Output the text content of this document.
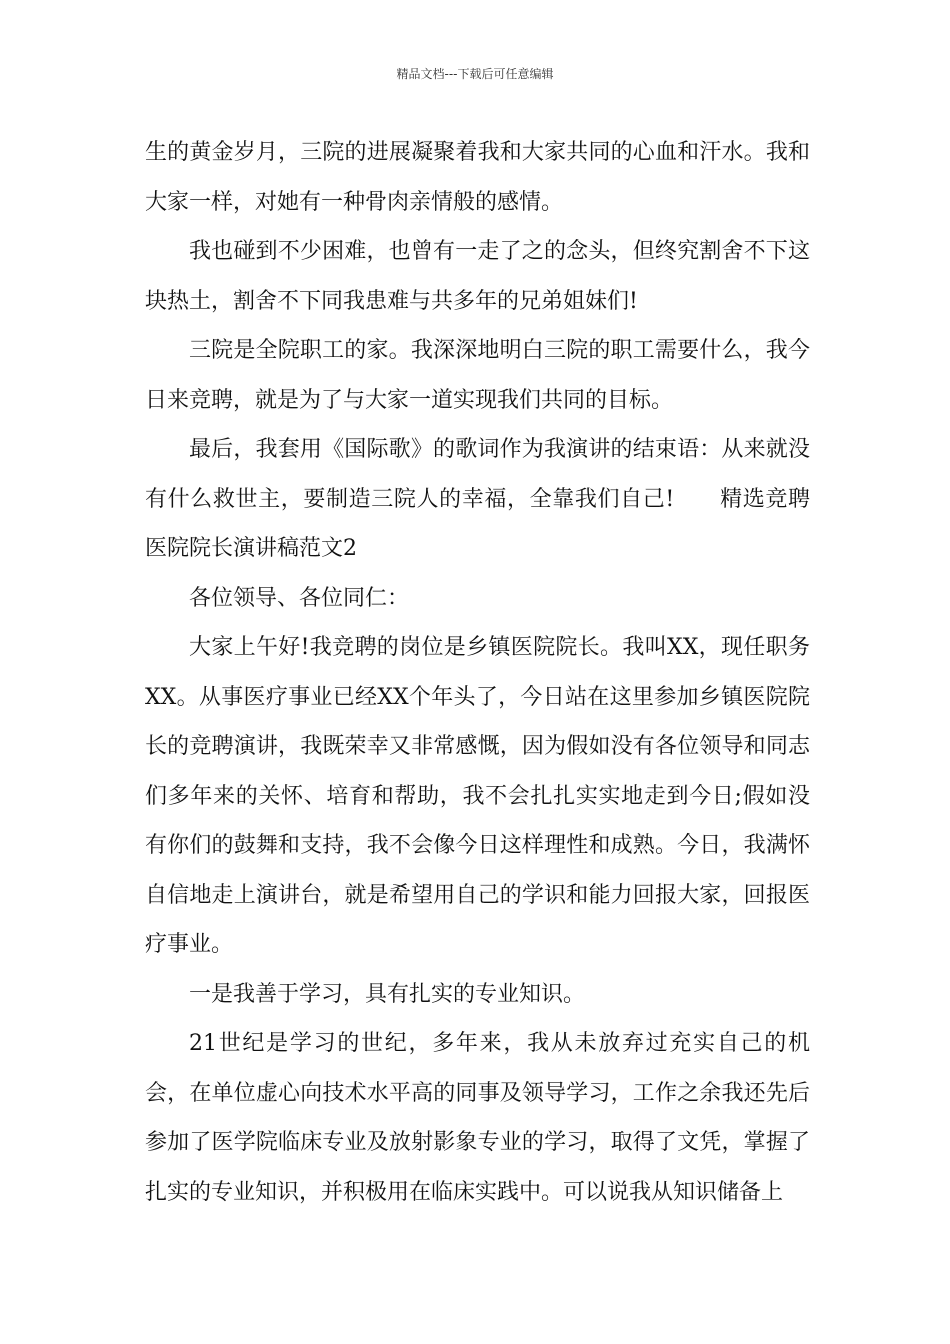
精品文档---下载后可任意编辑

生的黄金岁月，三院的进展凝聚着我和大家共同的心血和汗水。我和大家一样，对她有一种骨肉亲情般的感情。

我也碰到不少困难，也曾有一走了之的念头，但终究割舍不下这块热土，割舍不下同我患难与共多年的兄弟姐妹们!

三院是全院职工的家。我深深地明白三院的职工需要什么，我今日来竞聘，就是为了与大家一道实现我们共同的目标。

最后，我套用《国际歌》的歌词作为我演讲的结束语：从来就没有什么救世主，要制造三院人的幸福，全靠我们自己!　　精选竞聘医院院长演讲稿范文2

各位领导、各位同仁：

大家上午好!我竞聘的岗位是乡镇医院院长。我叫XX，现任职务XX。从事医疗事业已经XX个年头了，今日站在这里参加乡镇医院院长的竞聘演讲，我既荣幸又非常感慨，因为假如没有各位领导和同志们多年来的关怀、培育和帮助，我不会扎扎实实地走到今日;假如没有你们的鼓舞和支持，我不会像今日这样理性和成熟。今日，我满怀自信地走上演讲台，就是希望用自己的学识和能力回报大家，回报医疗事业。

一是我善于学习，具有扎实的专业知识。

21世纪是学习的世纪，多年来，我从未放弃过充实自己的机会，在单位虚心向技术水平高的同事及领导学习，工作之余我还先后参加了医学院临床专业及放射影象专业的学习，取得了文凭，掌握了扎实的专业知识，并积极用在临床实践中。可以说我从知识储备上
